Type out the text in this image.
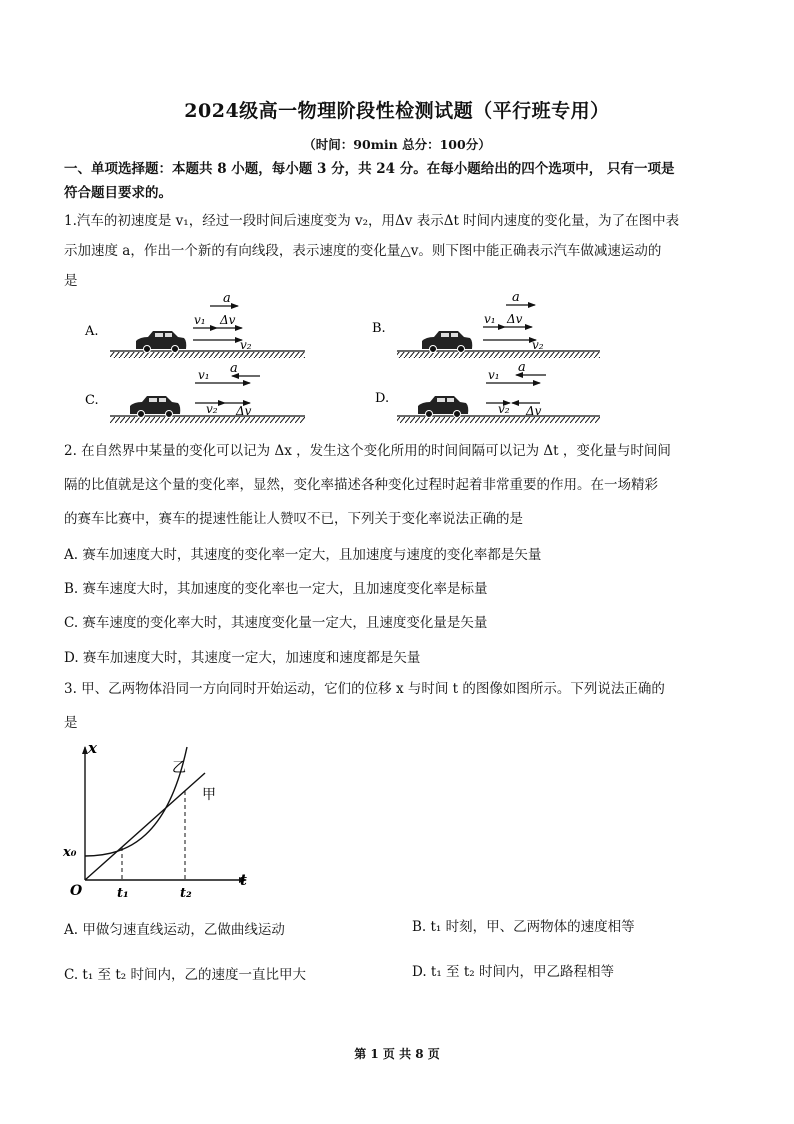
2024级高一物理阶段性检测试题（平行班专用）
（时间：90min 总分：100分）
一、单项选择题：本题共 8 小题，每小题 3 分，共 24 分。在每小题给出的四个选项中， 只有一项是
符合题目要求的。
1.汽车的初速度是 v₁，经过一段时间后速度变为 v₂，用Δv 表示Δt 时间内速度的变化量，为了在图中表
示加速度 a，作出一个新的有向线段，表示速度的变化量△v。则下图中能正确表示汽车做减速运动的
是
A.
a
v₁ Δv
v₂
B.
a
v₁ Δv
v₂
C.
v₁ a
v₂ Δv
D.
v₁ a
v₂ Δv
2. 在自然界中某量的变化可以记为 Δx ，发生这个变化所用的时间间隔可以记为 Δt ，变化量与时间间
隔的比值就是这个量的变化率，显然，变化率描述各种变化过程时起着非常重要的作用。在一场精彩
的赛车比赛中，赛车的提速性能让人赞叹不已，下列关于变化率说法正确的是
A. 赛车加速度大时，其速度的变化率一定大，且加速度与速度的变化率都是矢量
B. 赛车速度大时，其加速度的变化率也一定大，且加速度变化率是标量
C. 赛车速度的变化率大时，其速度变化量一定大，且速度变化量是矢量
D. 赛车加速度大时，其速度一定大，加速度和速度都是矢量
3. 甲、乙两物体沿同一方向同时开始运动，它们的位移 x 与时间 t 的图像如图所示。下列说法正确的
是
x
t
O
x₀
t₁	t₂
乙
甲
A. 甲做匀速直线运动，乙做曲线运动	B. t₁ 时刻，甲、乙两物体的速度相等
C. t₁ 至 t₂ 时间内，乙的速度一直比甲大	D. t₁ 至 t₂ 时间内，甲乙路程相等
第 1 页 共 8 页
